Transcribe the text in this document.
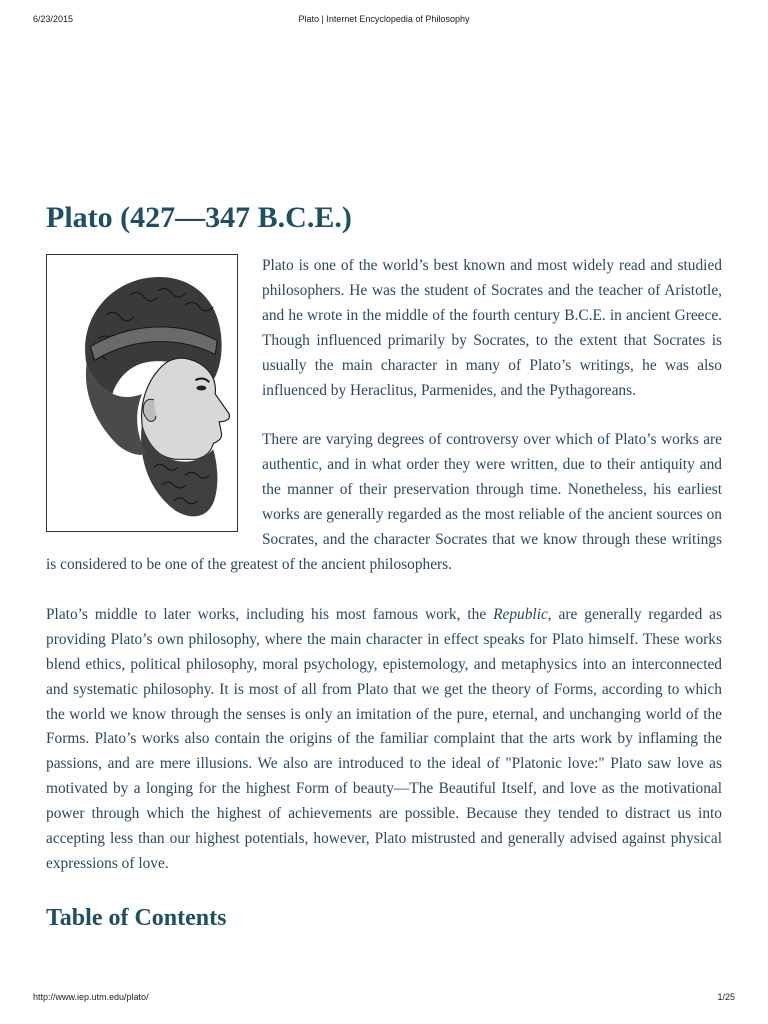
6/23/2015	Plato | Internet Encyclopedia of Philosophy
Plato (427—347 B.C.E.)

Plato is one of the world’s best known and most widely read and studied philosophers. He was the student of Socrates and the teacher of Aristotle, and he wrote in the middle of the fourth century B.C.E. in ancient Greece. Though influenced primarily by Socrates, to the extent that Socrates is usually the main character in many of Plato’s writings, he was also influenced by Heraclitus, Parmenides, and the Pythagoreans.

There are varying degrees of controversy over which of Plato’s works are authentic, and in what order they were written, due to their antiquity and the manner of their preservation through time. Nonetheless, his earliest works are generally regarded as the most reliable of the ancient sources on Socrates, and the character Socrates that we know through these writings is considered to be one of the greatest of the ancient philosophers.

Plato’s middle to later works, including his most famous work, the Republic, are generally regarded as providing Plato’s own philosophy, where the main character in effect speaks for Plato himself. These works blend ethics, political philosophy, moral psychology, epistemology, and metaphysics into an interconnected and systematic philosophy. It is most of all from Plato that we get the theory of Forms, according to which the world we know through the senses is only an imitation of the pure, eternal, and unchanging world of the Forms. Plato’s works also contain the origins of the familiar complaint that the arts work by inflaming the passions, and are mere illusions. We also are introduced to the ideal of "Platonic love:" Plato saw love as motivated by a longing for the highest Form of beauty—The Beautiful Itself, and love as the motivational power through which the highest of achievements are possible. Because they tended to distract us into accepting less than our highest potentials, however, Plato mistrusted and generally advised against physical expressions of love.

Table of Contents
http://www.iep.utm.edu/plato/	1/25
